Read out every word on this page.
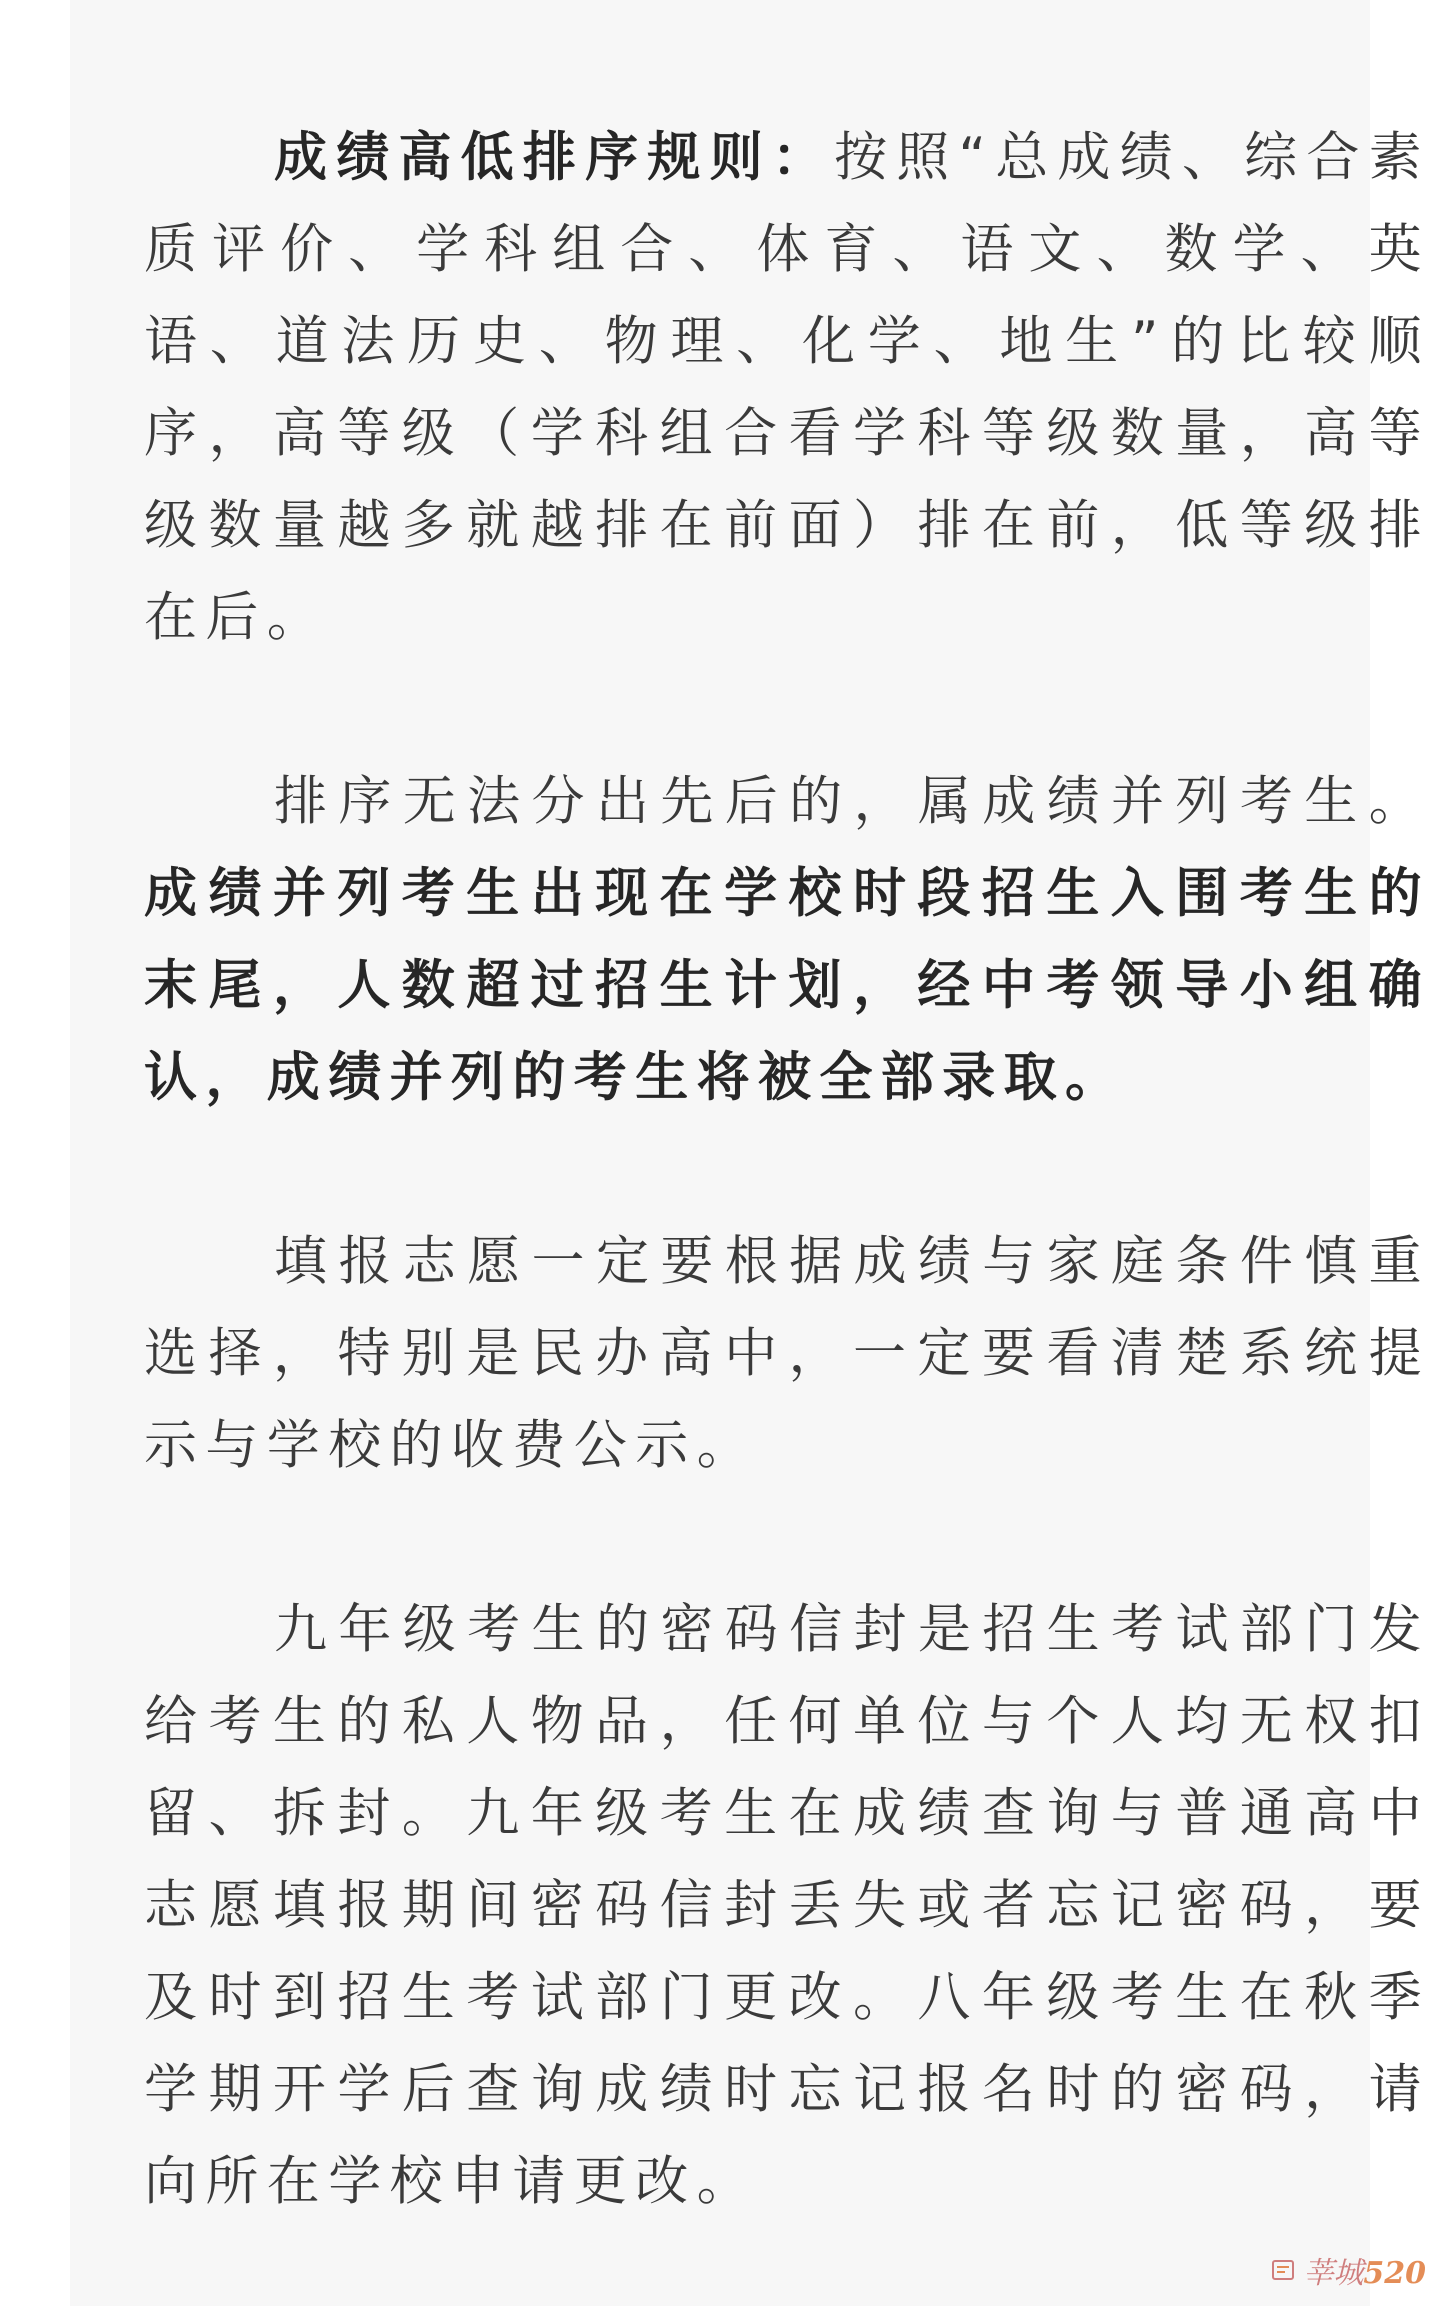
成绩高低排序规则：按照“总成绩、综合素质评价、学科组合、体育、语文、数学、英语、道法历史、物理、化学、地生”的比较顺序，高等级（学科组合看学科等级数量，高等级数量越多就越排在前面）排在前，低等级排在后。

排序无法分出先后的，属成绩并列考生。成绩并列考生出现在学校时段招生入围考生的末尾，人数超过招生计划，经中考领导小组确认，成绩并列的考生将被全部录取。

填报志愿一定要根据成绩与家庭条件慎重选择，特别是民办高中，一定要看清楚系统提示与学校的收费公示。

九年级考生的密码信封是招生考试部门发给考生的私人物品，任何单位与个人均无权扣留、拆封。九年级考生在成绩查询与普通高中志愿填报期间密码信封丢失或者忘记密码，要及时到招生考试部门更改。八年级考生在秋季学期开学后查询成绩时忘记报名时的密码，请向所在学校申请更改。

莘城520
